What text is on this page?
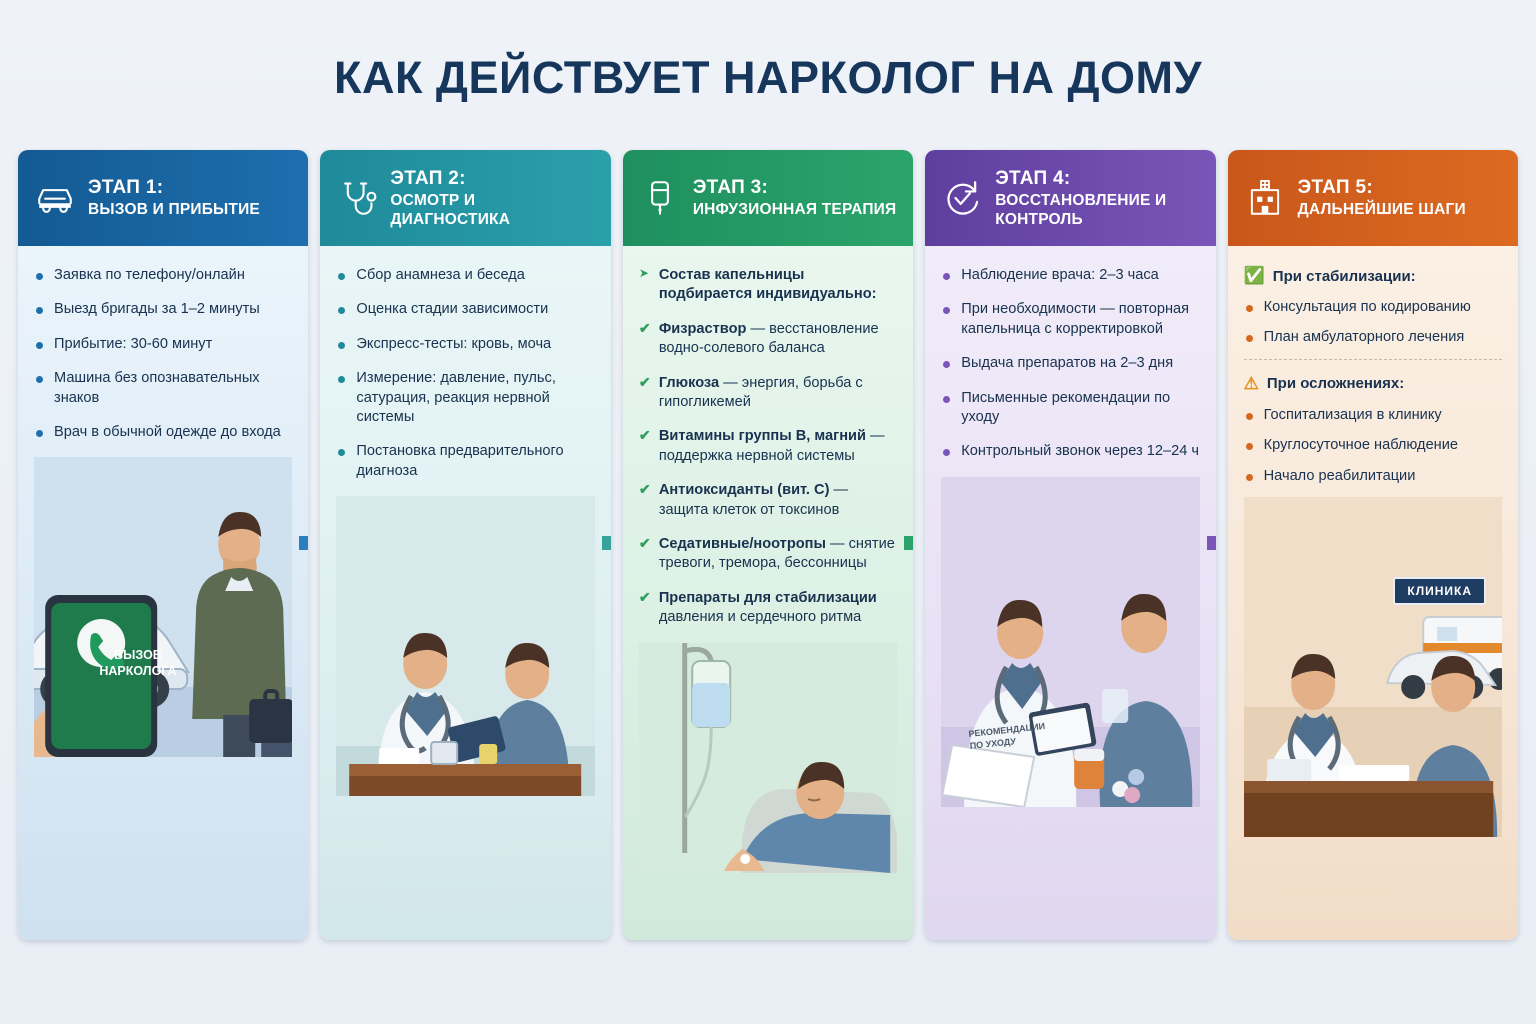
КАК ДЕЙСТВУЕТ НАРКОЛОГ НА ДОМУ
ЭТАП 1:
ВЫЗОВ И ПРИБЫТИЕ
Заявка по телефону/онлайн
Выезд бригады за 1–2 минуты
Прибытие: 30-60 минут
Машина без опознавательных знаков
Врач в обычной одежде до входа
ВЫЗОВ
НАРКОЛОГА
ЭТАП 2:
ОСМОТР И ДИАГНОСТИКА
Сбор анамнеза и беседа
Оценка стадии зависимости
Экспресс-тесты: кровь, моча
Измерение: давление, пульс, сатурация, реакция нервной системы
Постановка предварительного диагноза
ЭТАП 3:
ИНФУЗИОННАЯ ТЕРАПИЯ
➤ Состав капельницы подбирается индивидуально:
✔ Физраствор — весстановление водно-солевого баланса
✔ Глюкоза — энергия, борьба с гипогликемей
✔ Витамины группы B, магний — поддержка нервной системы
✔ Антиоксиданты (вит. C) — защита клеток от токсинов
✔ Седативные/ноотропы — снятие тревоги, тремора, бессонницы
✔ Препараты для стабилизации давления и сердечного ритма
ЭТАП 4:
ВОССТАНОВЛЕНИЕ И КОНТРОЛЬ
Наблюдение врача: 2–3 часа
При необходимости — повторная капельница с корректировкой
Выдача препаратов на 2–3 дня
Письменные рекомендации по уходу
Контрольный звонок через 12–24 ч
РЕКОМЕНДАЦИИ
ПО УХОДУ
ЭТАП 5:
ДАЛЬНЕЙШИЕ ШАГИ
✅ При стабилизации:
Консультация по кодированию
План амбулаторного лечения
⚠ При осложнениях:
Госпитализация в клинику
Круглосуточное наблюдение
Начало реабилитации
КЛИНИКА
